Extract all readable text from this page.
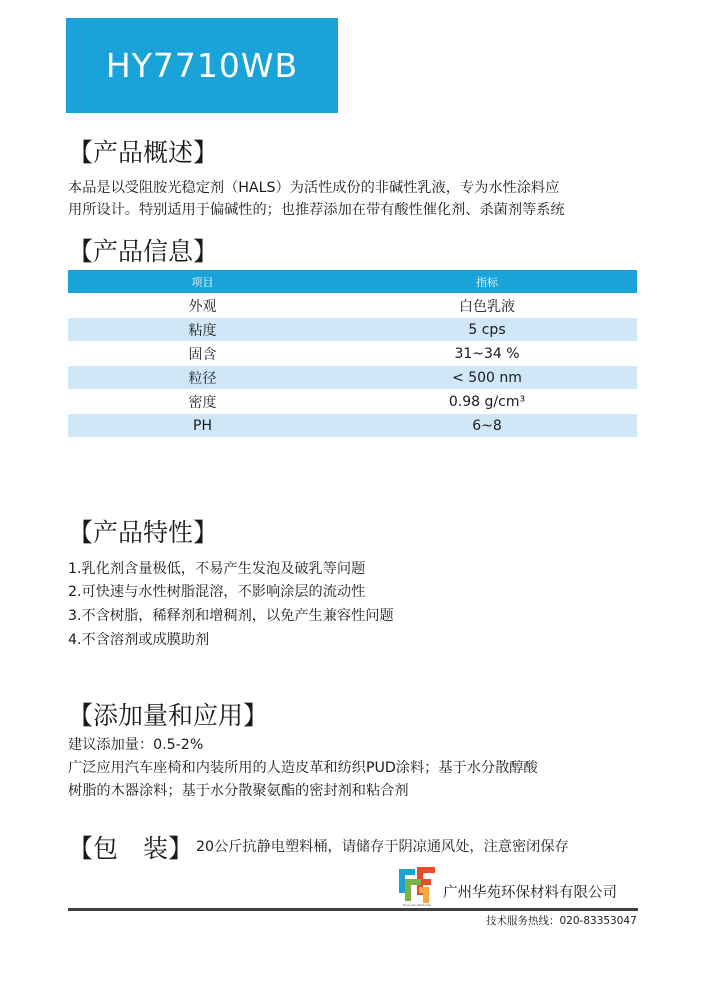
HY7710WB
【产品概述】
本品是以受阻胺光稳定剂（HALS）为活性成份的非碱性乳液，专为水性涂料应
用所设计。特别适用于偏碱性的；也推荐添加在带有酸性催化剂、杀菌剂等系统
【产品信息】
项目	指标
外观	白色乳液
粘度	5 cps
固含	31~34 %
粒径	< 500 nm
密度	0.98 g/cm³
PH	6~8
【产品特性】
1.乳化剂含量极低，不易产生发泡及破乳等问题
2.可快速与水性树脂混溶，不影响涂层的流动性
3.不含树脂，稀释剂和增稠剂，以免产生兼容性问题
4.不含溶剂或成膜助剂
【添加量和应用】
建议添加量：0.5-2%
广泛应用汽车座椅和内装所用的人造皮革和纺织PUD涂料；基于水分散醇酸
树脂的木器涂料；基于水分散聚氨酯的密封剂和粘合剂
【包　装】 20公斤抗静电塑料桶，请储存于阴凉通风处，注意密闭保存
Huayuan Materials
广州华苑环保材料有限公司
技术服务热线：020-83353047
